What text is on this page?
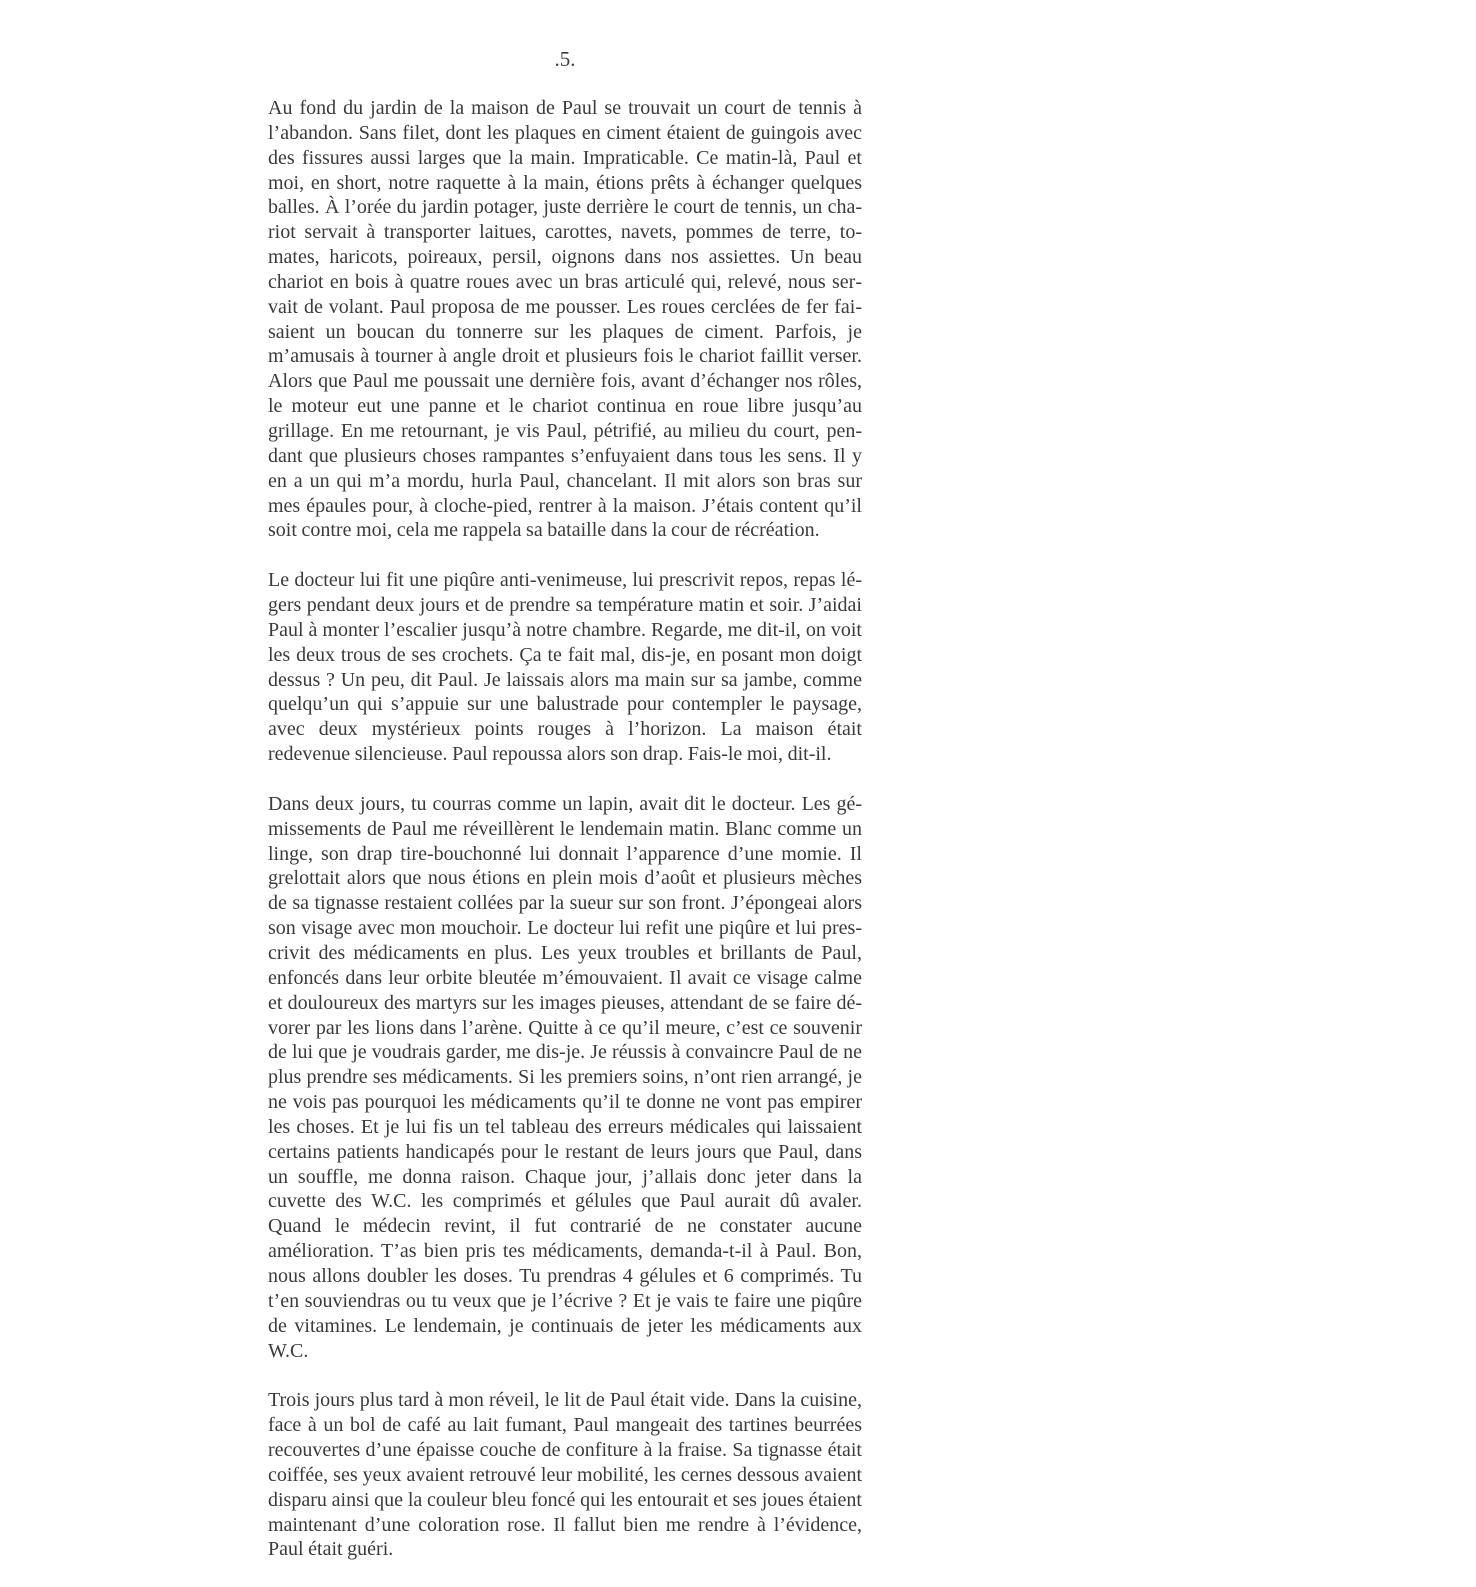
.5.

Au fond du jardin de la maison de Paul se trouvait un court de tennis à l’abandon. Sans filet, dont les plaques en ciment étaient de guingois avec des fissures aussi larges que la main. Impraticable. Ce matin-là, Paul et moi, en short, notre raquette à la main, étions prêts à échanger quelques balles. À l’orée du jardin potager, juste derrière le court de tennis, un chariot servait à transporter laitues, carottes, navets, pommes de terre, tomates, haricots, poireaux, persil, oignons dans nos assiettes. Un beau chariot en bois à quatre roues avec un bras articulé qui, relevé, nous servait de volant. Paul proposa de me pousser. Les roues cerclées de fer faisaient un boucan du tonnerre sur les plaques de ciment. Parfois, je m’amusais à tourner à angle droit et plusieurs fois le chariot faillit verser. Alors que Paul me poussait une dernière fois, avant d’échanger nos rôles, le moteur eut une panne et le chariot continua en roue libre jusqu’au grillage. En me retournant, je vis Paul, pétrifié, au milieu du court, pendant que plusieurs choses rampantes s’enfuyaient dans tous les sens. Il y en a un qui m’a mordu, hurla Paul, chancelant. Il mit alors son bras sur mes épaules pour, à cloche-pied, rentrer à la maison. J’étais content qu’il soit contre moi, cela me rappela sa bataille dans la cour de récréation.

Le docteur lui fit une piqûre anti-venimeuse, lui prescrivit repos, repas légers pendant deux jours et de prendre sa température matin et soir. J’aidai Paul à monter l’escalier jusqu’à notre chambre. Regarde, me dit-il, on voit les deux trous de ses crochets. Ça te fait mal, dis-je, en posant mon doigt dessus ? Un peu, dit Paul. Je laissais alors ma main sur sa jambe, comme quelqu’un qui s’appuie sur une balustrade pour contempler le paysage, avec deux mystérieux points rouges à l’horizon. La maison était redevenue silencieuse. Paul repoussa alors son drap. Fais-le moi, dit-il.

Dans deux jours, tu courras comme un lapin, avait dit le docteur. Les gémissements de Paul me réveillèrent le lendemain matin. Blanc comme un linge, son drap tire-bouchonné lui donnait l’apparence d’une momie. Il grelottait alors que nous étions en plein mois d’août et plusieurs mèches de sa tignasse restaient collées par la sueur sur son front. J’épongeai alors son visage avec mon mouchoir. Le docteur lui refit une piqûre et lui prescrivit des médicaments en plus. Les yeux troubles et brillants de Paul, enfoncés dans leur orbite bleutée m’émouvaient. Il avait ce visage calme et douloureux des martyrs sur les images pieuses, attendant de se faire dévorer par les lions dans l’arène. Quitte à ce qu’il meure, c’est ce souvenir de lui que je voudrais garder, me dis-je. Je réussis à convaincre Paul de ne plus prendre ses médicaments. Si les premiers soins, n’ont rien arrangé, je ne vois pas pourquoi les médicaments qu’il te donne ne vont pas empirer les choses. Et je lui fis un tel tableau des erreurs médicales qui laissaient certains patients handicapés pour le restant de leurs jours que Paul, dans un souffle, me donna raison. Chaque jour, j’allais donc jeter dans la cuvette des W.C. les comprimés et gélules que Paul aurait dû avaler. Quand le médecin revint, il fut contrarié de ne constater aucune amélioration. T’as bien pris tes médicaments, demanda-t-il à Paul. Bon, nous allons doubler les doses. Tu prendras 4 gélules et 6 comprimés. Tu t’en souviendras ou tu veux que je l’écrive ? Et je vais te faire une piqûre de vitamines. Le lendemain, je continuais de jeter les médicaments aux W.C.

Trois jours plus tard à mon réveil, le lit de Paul était vide. Dans la cuisine, face à un bol de café au lait fumant, Paul mangeait des tartines beurrées recouvertes d’une épaisse couche de confiture à la fraise. Sa tignasse était coiffée, ses yeux avaient retrouvé leur mobilité, les cernes dessous avaient disparu ainsi que la couleur bleu foncé qui les entourait et ses joues étaient maintenant d’une coloration rose. Il fallut bien me rendre à l’évidence, Paul était guéri.
